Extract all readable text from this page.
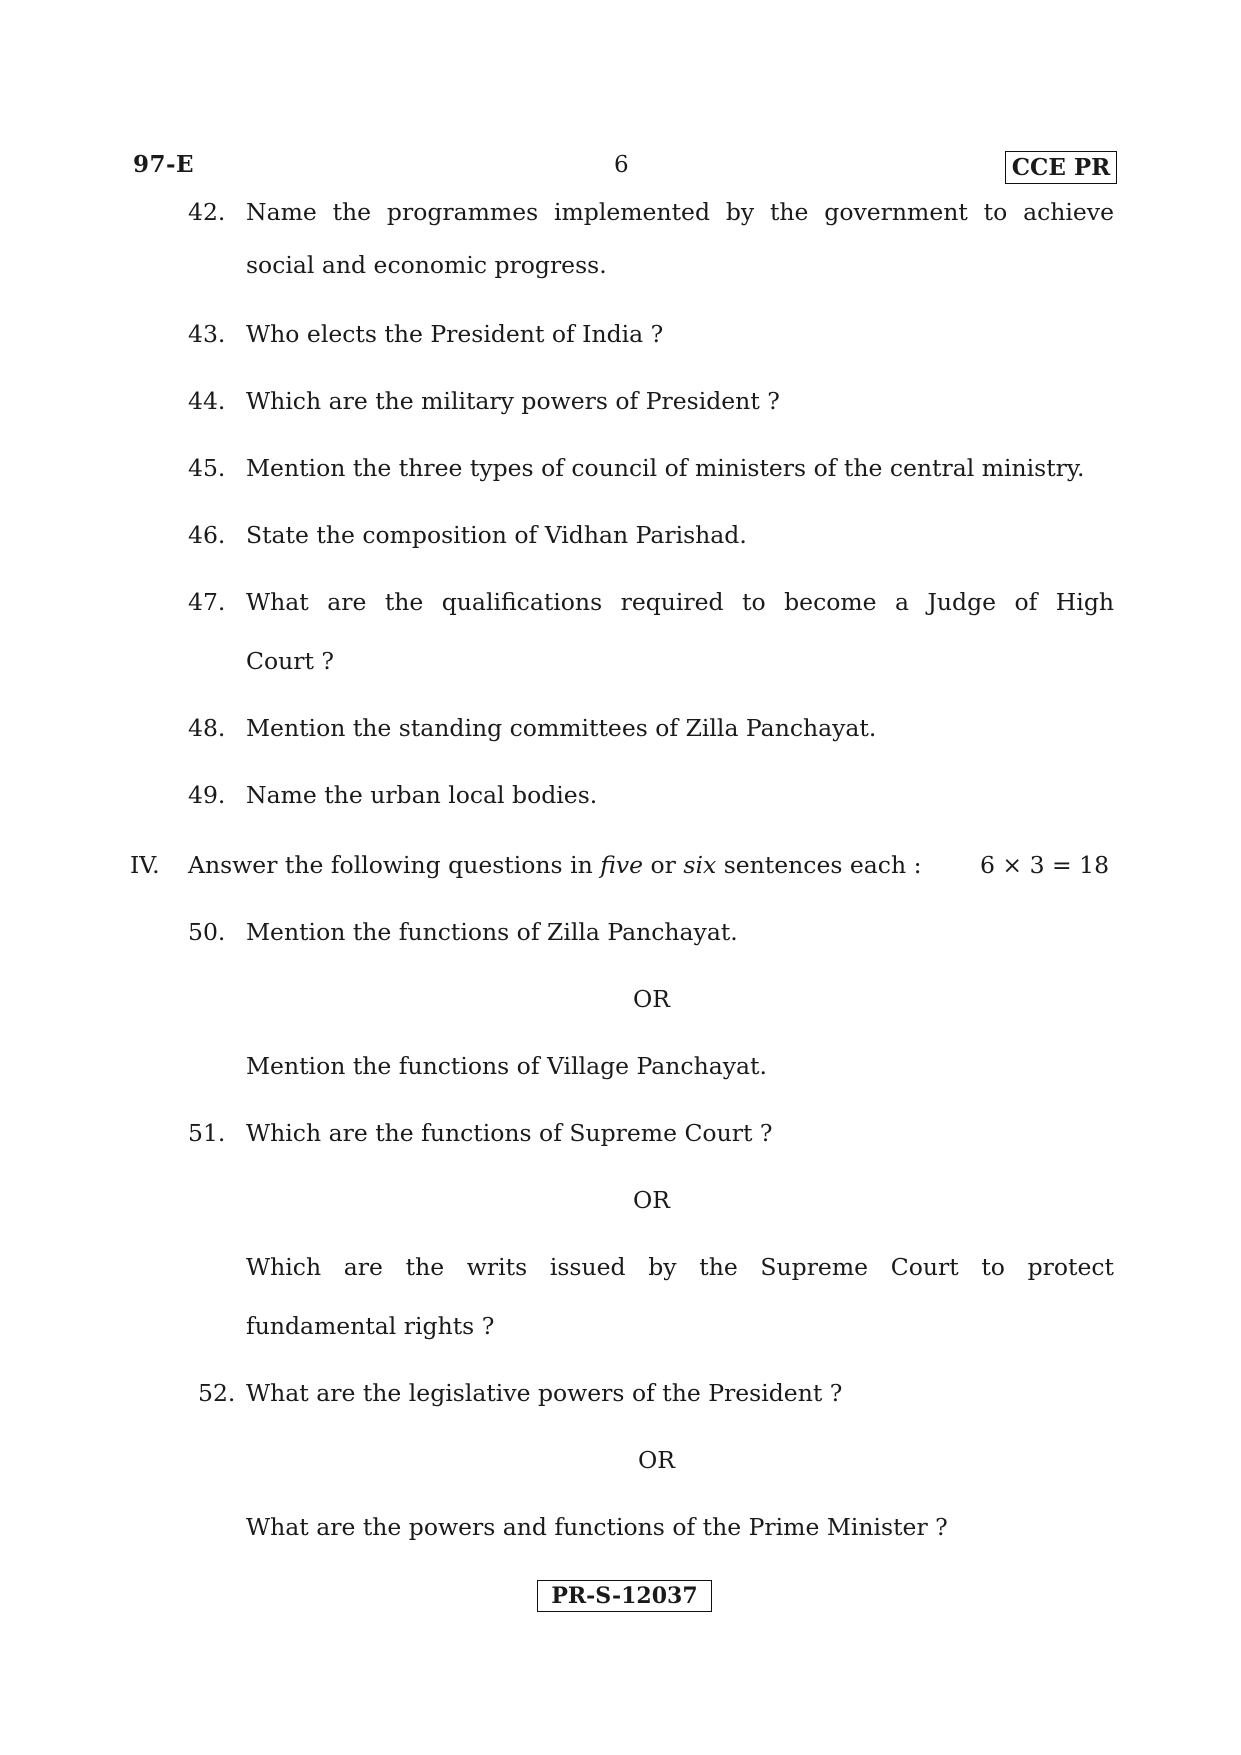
97-E	6	CCE PR
42. Name the programmes implemented by the government to achieve
social and economic progress.
43. Who elects the President of India ?
44. Which are the military powers of President ?
45. Mention the three types of council of ministers of the central ministry.
46. State the composition of Vidhan Parishad.
47. What are the qualifications required to become a Judge of High
Court ?
48. Mention the standing committees of Zilla Panchayat.
49. Name the urban local bodies.
IV. Answer the following questions in five or six sentences each : 6 × 3 = 18
50. Mention the functions of Zilla Panchayat.
OR
Mention the functions of Village Panchayat.
51. Which are the functions of Supreme Court ?
OR
Which are the writs issued by the Supreme Court to protect
fundamental rights ?
52. What are the legislative powers of the President ?
OR
What are the powers and functions of the Prime Minister ?
PR-S-12037
